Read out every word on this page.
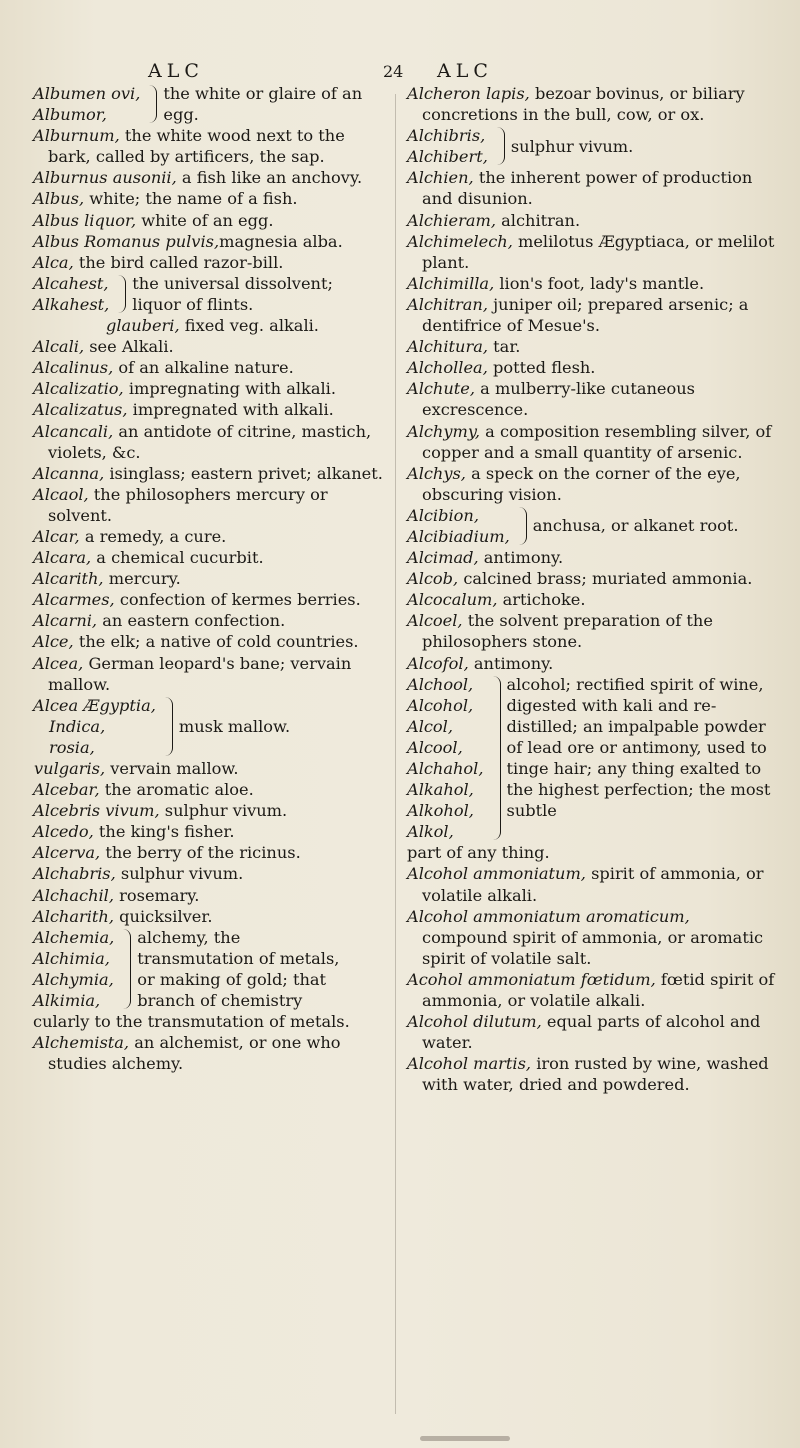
ALC	24 ALC
Albumen ovi,
Albumor,
the white or glaire of an egg.

Alburnum, the white wood next to the bark, called by artificers, the sap.

Alburnus ausonii, a fish like an anchovy.

Albus, white; the name of a fish.

Albus liquor, white of an egg.

Albus Romanus pulvis,magnesia alba.

Alca, the bird called razor-bill.

Alcahest,
Alkahest,
the universal dissolvent; liquor of flints.

glauberi, fixed veg. alkali.

Alcali, see Alkali.

Alcalinus, of an alkaline nature.

Alcalizatio, impregnating with alkali.

Alcalizatus, impregnated with alkali.

Alcancali, an antidote of citrine, mastich, violets, &c.

Alcanna, isinglass; eastern privet; alkanet.

Alcaol, the philosophers mercury or solvent.

Alcar, a remedy, a cure.

Alcara, a chemical cucurbit.

Alcarith, mercury.

Alcarmes, confection of kermes berries.

Alcarni, an eastern confection.

Alce, the elk; a native of cold countries.

Alcea, German leopard's bane; vervain mallow.

Alcea Ægyptia,
Indica,
rosia,
musk mallow.

vulgaris, vervain mallow.

Alcebar, the aromatic aloe.

Alcebris vivum, sulphur vivum.

Alcedo, the king's fisher.

Alcerva, the berry of the ricinus.

Alchabris, sulphur vivum.

Alchachil, rosemary.

Alcharith, quicksilver.

Alchemia,
Alchimia,
Alchymia,
Alkimia,
alchemy, the transmutation of metals, or making of gold; that branch of chemistry

cularly to the transmutation of metals.

Alchemista, an alchemist, or one who studies alchemy.

Alcheron lapis, bezoar bovinus, or biliary concretions in the bull, cow, or ox.

Alchibris,
Alchibert,
sulphur vivum.

Alchien, the inherent power of production and disunion.

Alchieram, alchitran.

Alchimelech, melilotus Ægyptiaca, or melilot plant.

Alchimilla, lion's foot, lady's mantle.

Alchitran, juniper oil; prepared arsenic; a dentifrice of Mesue's.

Alchitura, tar.

Alchollea, potted flesh.

Alchute, a mulberry-like cutaneous excrescence.

Alchymy, a composition resembling silver, of copper and a small quantity of arsenic.

Alchys, a speck on the corner of the eye, obscuring vision.

Alcibion,
Alcibiadium,
anchusa, or alkanet root.

Alcimad, antimony.

Alcob, calcined brass; muriated ammonia.

Alcocalum, artichoke.

Alcoel, the solvent preparation of the philosophers stone.

Alcofol, antimony.

Alchool,
Alcohol,
Alcol,
Alcool,
Alchahol,
Alkahol,
Alkohol,
Alkol,
alcohol; rectified spirit of wine, digested with kali and re-distilled; an impalpable powder of lead ore or antimony, used to tinge hair; any thing exalted to the highest perfection; the most subtle

part of any thing.

Alcohol ammoniatum, spirit of ammonia, or volatile alkali.

Alcohol ammoniatum aromaticum, compound spirit of ammonia, or aromatic spirit of volatile salt.

Acohol ammoniatum fœtidum, fœtid spirit of ammonia, or volatile alkali.

Alcohol dilutum, equal parts of alcohol and water.

Alcohol martis, iron rusted by wine, washed with water, dried and powdered.
